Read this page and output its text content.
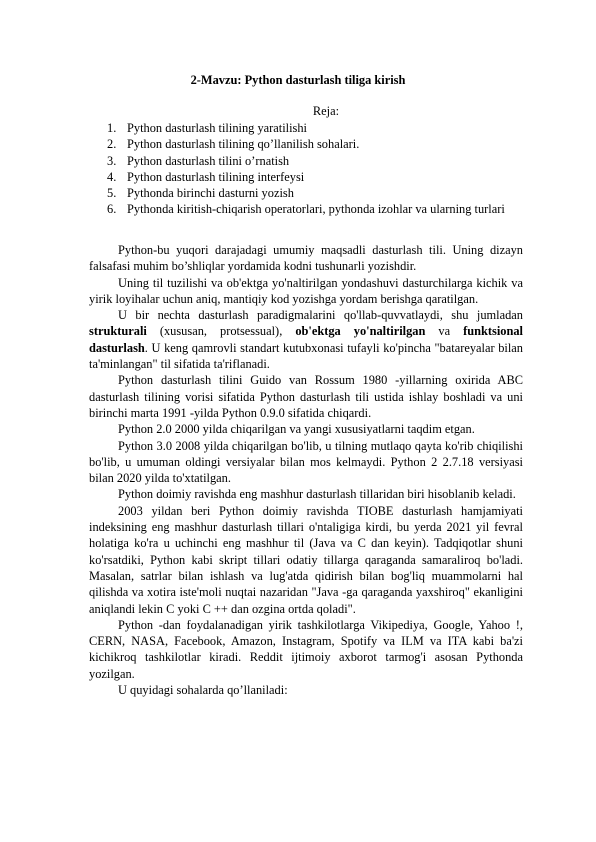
2-Mavzu: Python dasturlash tiliga kirish
Reja:
1. Python dasturlash tilining yaratilishi
2. Python dasturlash tilining qo’llanilish sohalari.
3. Python dasturlash tilini o’rnatish
4. Python dasturlash tilining interfeysi
5. Pythonda birinchi dasturni yozish
6. Pythonda kiritish-chiqarish operatorlari, pythonda izohlar va ularning turlari

Python-bu yuqori darajadagi umumiy maqsadli dasturlash tili. Uning dizayn falsafasi muhim bo’shliqlar yordamida kodni tushunarli yozishdir.

Uning til tuzilishi va ob'ektga yo'naltirilgan yondashuvi dasturchilarga kichik va yirik loyihalar uchun aniq, mantiqiy kod yozishga yordam berishga qaratilgan.

U bir nechta dasturlash paradigmalarini qo'llab-quvvatlaydi, shu jumladan strukturali (xususan, protsessual), ob'ektga yo'naltirilgan va funktsional dasturlash. U keng qamrovli standart kutubxonasi tufayli ko'pincha "batareyalar bilan ta'minlangan" til sifatida ta'riflanadi.

Python dasturlash tilini Guido van Rossum 1980 -yillarning oxirida ABC dasturlash tilining vorisi sifatida Python dasturlash tili ustida ishlay boshladi va uni birinchi marta 1991 -yilda Python 0.9.0 sifatida chiqardi.

Python 2.0 2000 yilda chiqarilgan va yangi xususiyatlarni taqdim etgan.

Python 3.0 2008 yilda chiqarilgan bo'lib, u tilning mutlaqo qayta ko'rib chiqilishi bo'lib, u umuman oldingi versiyalar bilan mos kelmaydi. Python 2 2.7.18 versiyasi bilan 2020 yilda to'xtatilgan.

Python doimiy ravishda eng mashhur dasturlash tillaridan biri hisoblanib keladi.

2003 yildan beri Python doimiy ravishda TIOBE dasturlash hamjamiyati indeksining eng mashhur dasturlash tillari o'ntaligiga kirdi, bu yerda 2021 yil fevral holatiga ko'ra u uchinchi eng mashhur til (Java va C dan keyin). Tadqiqotlar shuni ko'rsatdiki, Python kabi skript tillari odatiy tillarga qaraganda samaraliroq bo'ladi. Masalan, satrlar bilan ishlash va lug'atda qidirish bilan bog'liq muammolarni hal qilishda va xotira iste'moli nuqtai nazaridan "Java -ga qaraganda yaxshiroq" ekanligini aniqlandi lekin C yoki C ++ dan ozgina ortda qoladi".

Python -dan foydalanadigan yirik tashkilotlarga Vikipediya, Google, Yahoo !, CERN, NASA, Facebook, Amazon, Instagram, Spotify va ILM va ITA kabi ba'zi kichikroq tashkilotlar kiradi. Reddit ijtimoiy axborot tarmog'i asosan Pythonda yozilgan.

U quyidagi sohalarda qo’llaniladi:
